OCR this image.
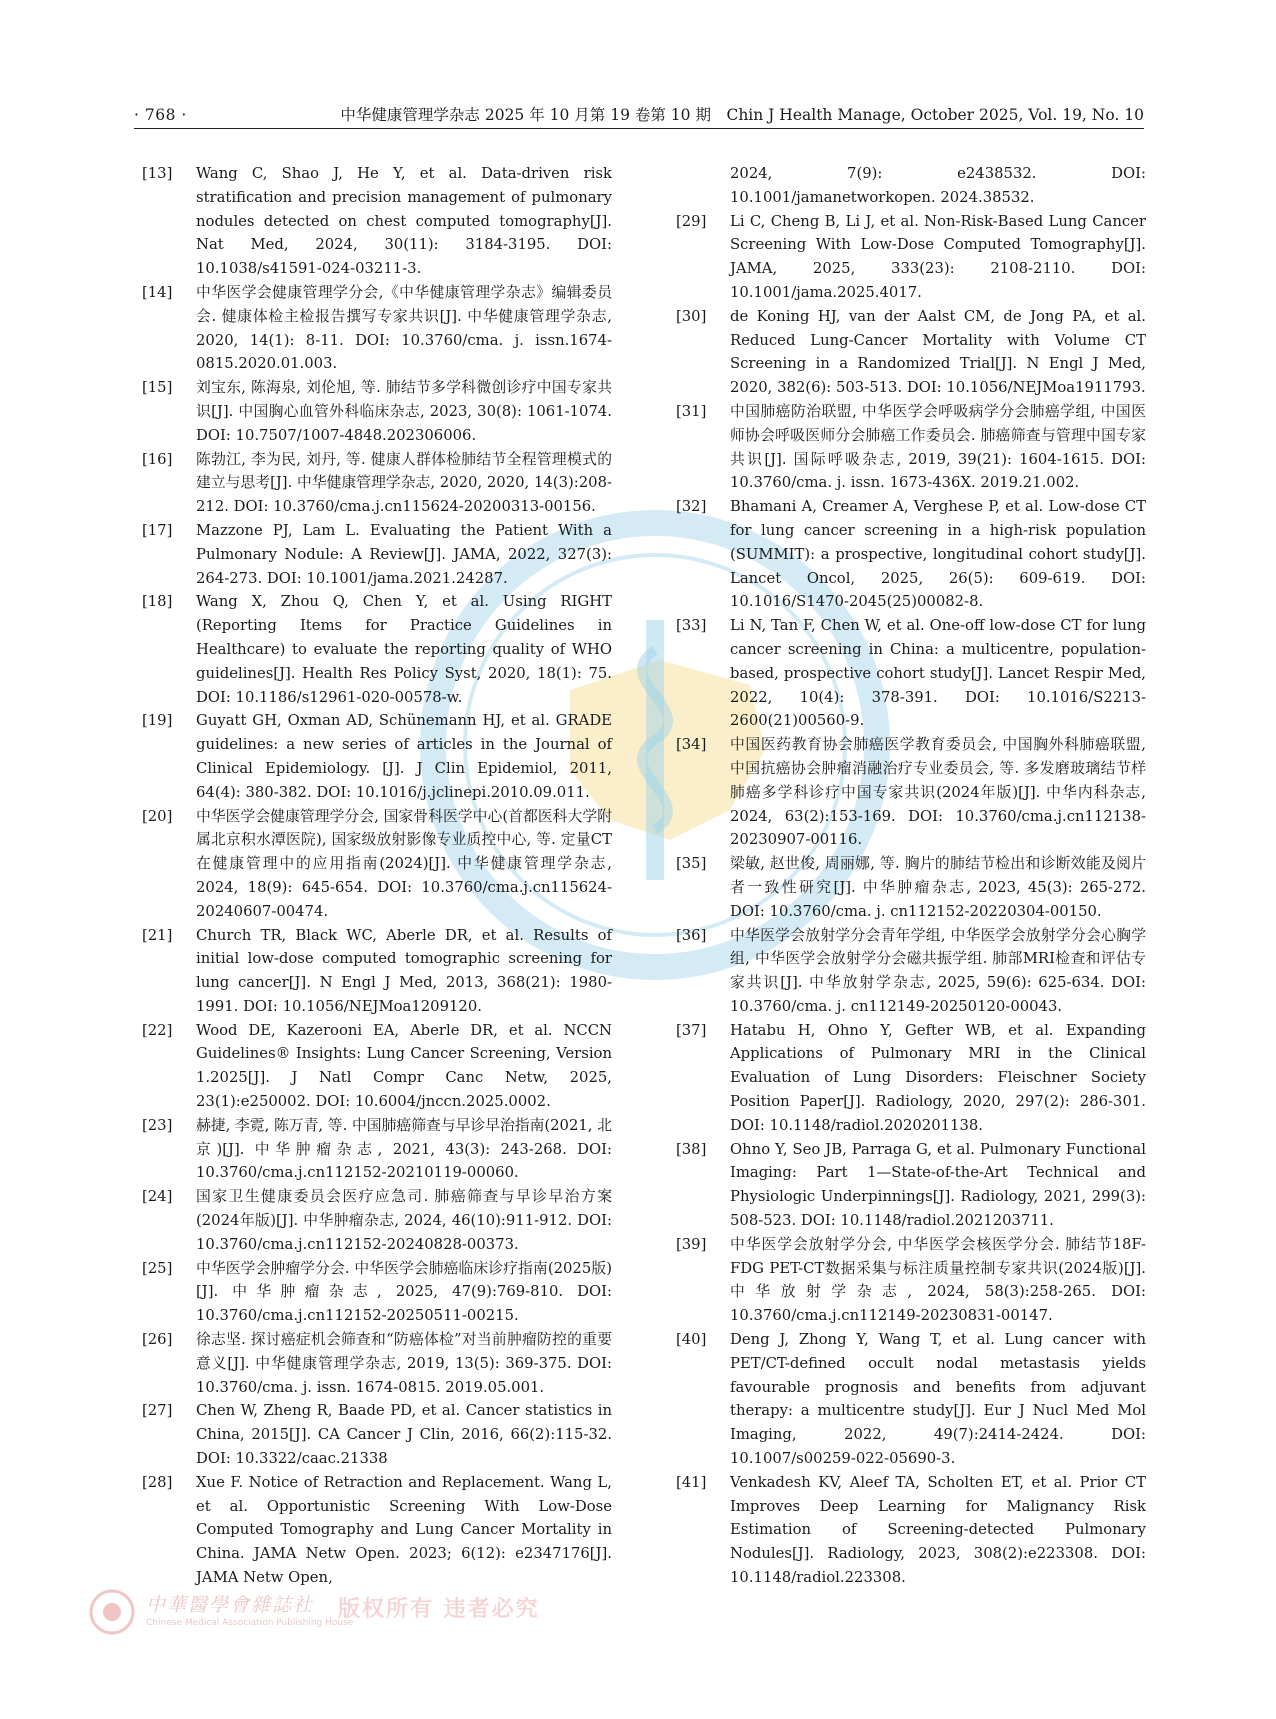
· 768 ·	中华健康管理学杂志 2025 年 10 月第 19 卷第 10 期　Chin J Health Manage, October 2025, Vol. 19, No. 10
[13] Wang C, Shao J, He Y, et al. Data-driven risk stratification and precision management of pulmonary nodules detected on chest computed tomography[J]. Nat Med, 2024, 30(11): 3184-3195. DOI: 10.1038/s41591-024-03211-3.
[14] 中华医学会健康管理学分会,《中华健康管理学杂志》编辑委员会. 健康体检主检报告撰写专家共识[J]. 中华健康管理学杂志, 2020, 14(1): 8-11. DOI: 10.3760/cma. j. issn.1674-0815.2020.01.003.
[15] 刘宝东, 陈海泉, 刘伦旭, 等. 肺结节多学科微创诊疗中国专家共识[J]. 中国胸心血管外科临床杂志, 2023, 30(8): 1061-1074. DOI: 10.7507/1007-4848.202306006.
[16] 陈勃江, 李为民, 刘丹, 等. 健康人群体检肺结节全程管理模式的建立与思考[J]. 中华健康管理学杂志, 2020, 2020, 14(3):208-212. DOI: 10.3760/cma.j.cn115624-20200313-00156.
[17] Mazzone PJ, Lam L. Evaluating the Patient With a Pulmonary Nodule: A Review[J]. JAMA, 2022, 327(3): 264-273. DOI: 10.1001/jama.2021.24287.
[18] Wang X, Zhou Q, Chen Y, et al. Using RIGHT (Reporting Items for Practice Guidelines in Healthcare) to evaluate the reporting quality of WHO guidelines[J]. Health Res Policy Syst, 2020, 18(1): 75. DOI: 10.1186/s12961-020-00578-w.
[19] Guyatt GH, Oxman AD, Schünemann HJ, et al. GRADE guidelines: a new series of articles in the Journal of Clinical Epidemiology. [J]. J Clin Epidemiol, 2011, 64(4): 380-382. DOI: 10.1016/j.jclinepi.2010.09.011.
[20] 中华医学会健康管理学分会, 国家骨科医学中心(首都医科大学附属北京积水潭医院), 国家级放射影像专业质控中心, 等. 定量CT在健康管理中的应用指南(2024)[J]. 中华健康管理学杂志, 2024, 18(9): 645-654. DOI: 10.3760/cma.j.cn115624-20240607-00474.
[21] Church TR, Black WC, Aberle DR, et al. Results of initial low-dose computed tomographic screening for lung cancer[J]. N Engl J Med, 2013, 368(21): 1980-1991. DOI: 10.1056/NEJMoa1209120.
[22] Wood DE, Kazerooni EA, Aberle DR, et al. NCCN Guidelines® Insights: Lung Cancer Screening, Version 1.2025[J]. J Natl Compr Canc Netw, 2025, 23(1):e250002. DOI: 10.6004/jnccn.2025.0002.
[23] 赫捷, 李霓, 陈万青, 等. 中国肺癌筛查与早诊早治指南(2021, 北京)[J]. 中华肿瘤杂志, 2021, 43(3): 243-268. DOI: 10.3760/cma.j.cn112152-20210119-00060.
[24] 国家卫生健康委员会医疗应急司. 肺癌筛查与早诊早治方案(2024年版)[J]. 中华肿瘤杂志, 2024, 46(10):911-912. DOI: 10.3760/cma.j.cn112152-20240828-00373.
[25] 中华医学会肿瘤学分会. 中华医学会肺癌临床诊疗指南(2025版)[J]. 中华肿瘤杂志, 2025, 47(9):769-810. DOI: 10.3760/cma.j.cn112152-20250511-00215.
[26] 徐志坚. 探讨癌症机会筛查和“防癌体检”对当前肿瘤防控的重要意义[J]. 中华健康管理学杂志, 2019, 13(5): 369-375. DOI: 10.3760/cma. j. issn. 1674-0815. 2019.05.001.
[27] Chen W, Zheng R, Baade PD, et al. Cancer statistics in China, 2015[J]. CA Cancer J Clin, 2016, 66(2):115-32. DOI: 10.3322/caac.21338
[28] Xue F. Notice of Retraction and Replacement. Wang L, et al. Opportunistic Screening With Low-Dose Computed Tomography and Lung Cancer Mortality in China. JAMA Netw Open. 2023; 6(12): e2347176[J]. JAMA Netw Open,
2024, 7(9): e2438532. DOI: 10.1001/jamanetworkopen. 2024.38532.
[29] Li C, Cheng B, Li J, et al. Non-Risk-Based Lung Cancer Screening With Low-Dose Computed Tomography[J]. JAMA, 2025, 333(23): 2108-2110. DOI: 10.1001/jama.2025.4017.
[30] de Koning HJ, van der Aalst CM, de Jong PA, et al. Reduced Lung-Cancer Mortality with Volume CT Screening in a Randomized Trial[J]. N Engl J Med, 2020, 382(6): 503-513. DOI: 10.1056/NEJMoa1911793.
[31] 中国肺癌防治联盟, 中华医学会呼吸病学分会肺癌学组, 中国医师协会呼吸医师分会肺癌工作委员会. 肺癌筛查与管理中国专家共识[J]. 国际呼吸杂志, 2019, 39(21): 1604-1615. DOI: 10.3760/cma. j. issn. 1673-436X. 2019.21.002.
[32] Bhamani A, Creamer A, Verghese P, et al. Low-dose CT for lung cancer screening in a high-risk population (SUMMIT): a prospective, longitudinal cohort study[J]. Lancet Oncol, 2025, 26(5): 609-619. DOI: 10.1016/S1470-2045(25)00082-8.
[33] Li N, Tan F, Chen W, et al. One-off low-dose CT for lung cancer screening in China: a multicentre, population-based, prospective cohort study[J]. Lancet Respir Med, 2022, 10(4): 378-391. DOI: 10.1016/S2213-2600(21)00560-9.
[34] 中国医药教育协会肺癌医学教育委员会, 中国胸外科肺癌联盟, 中国抗癌协会肿瘤消融治疗专业委员会, 等. 多发磨玻璃结节样肺癌多学科诊疗中国专家共识(2024年版)[J]. 中华内科杂志, 2024, 63(2):153-169. DOI: 10.3760/cma.j.cn112138-20230907-00116.
[35] 梁敏, 赵世俊, 周丽娜, 等. 胸片的肺结节检出和诊断效能及阅片者一致性研究[J]. 中华肿瘤杂志, 2023, 45(3): 265-272. DOI: 10.3760/cma. j. cn112152-20220304-00150.
[36] 中华医学会放射学分会青年学组, 中华医学会放射学分会心胸学组, 中华医学会放射学分会磁共振学组. 肺部MRI检查和评估专家共识[J]. 中华放射学杂志, 2025, 59(6): 625-634. DOI: 10.3760/cma. j. cn112149-20250120-00043.
[37] Hatabu H, Ohno Y, Gefter WB, et al. Expanding Applications of Pulmonary MRI in the Clinical Evaluation of Lung Disorders: Fleischner Society Position Paper[J]. Radiology, 2020, 297(2): 286-301. DOI: 10.1148/radiol.2020201138.
[38] Ohno Y, Seo JB, Parraga G, et al. Pulmonary Functional Imaging: Part 1—State-of-the-Art Technical and Physiologic Underpinnings[J]. Radiology, 2021, 299(3): 508-523. DOI: 10.1148/radiol.2021203711.
[39] 中华医学会放射学分会, 中华医学会核医学分会. 肺结节18F-FDG PET-CT数据采集与标注质量控制专家共识(2024版)[J]. 中华放射学杂志, 2024, 58(3):258-265. DOI: 10.3760/cma.j.cn112149-20230831-00147.
[40] Deng J, Zhong Y, Wang T, et al. Lung cancer with PET/CT-defined occult nodal metastasis yields favourable prognosis and benefits from adjuvant therapy: a multicentre study[J]. Eur J Nucl Med Mol Imaging, 2022, 49(7):2414-2424. DOI: 10.1007/s00259-022-05690-3.
[41] Venkadesh KV, Aleef TA, Scholten ET, et al. Prior CT Improves Deep Learning for Malignancy Risk Estimation of Screening-detected Pulmonary Nodules[J]. Radiology, 2023, 308(2):e223308. DOI: 10.1148/radiol.223308.
中華醫學會雜誌社
Chinese Medical Association Publishing House
版权所有 违者必究
